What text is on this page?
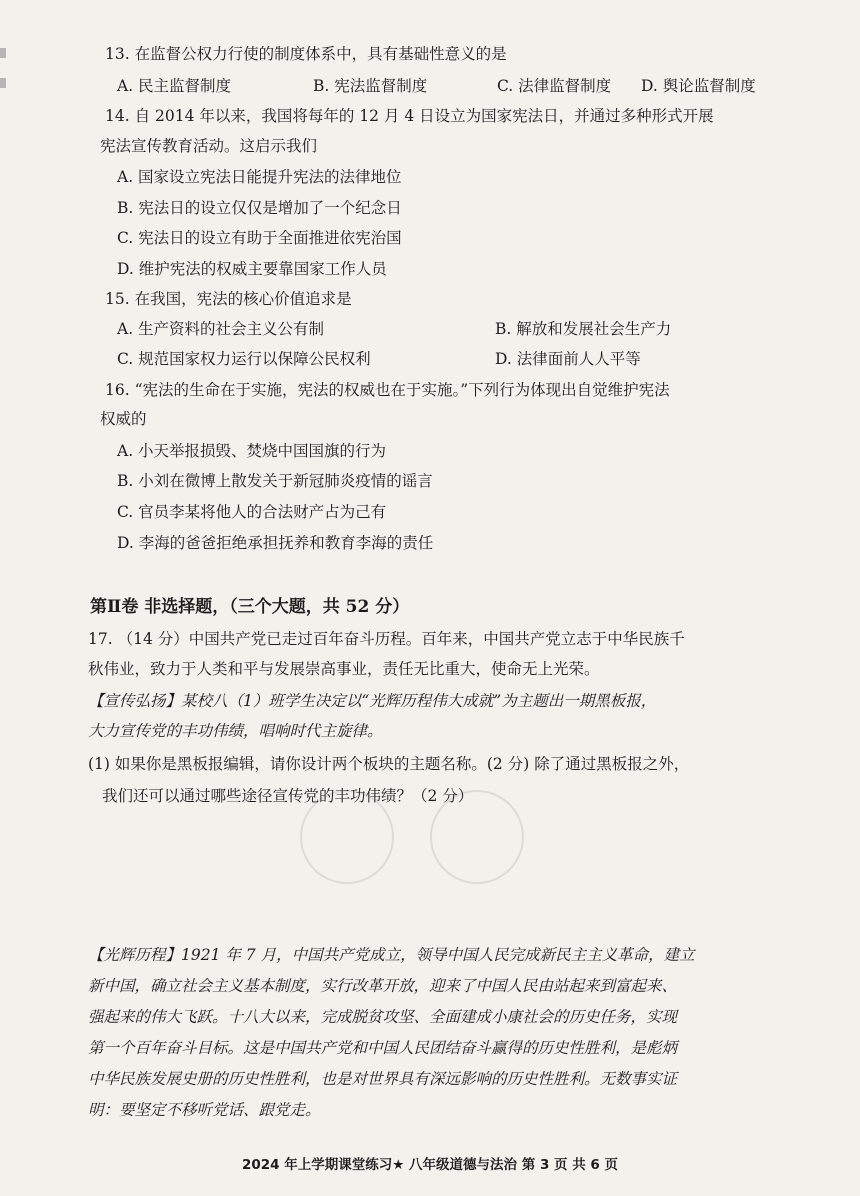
13. 在监督公权力行使的制度体系中，具有基础性意义的是
A. 民主监督制度	B. 宪法监督制度	C. 法律监督制度 D. 舆论监督制度
14. 自 2014 年以来，我国将每年的 12 月 4 日设立为国家宪法日，并通过多种形式开展
宪法宣传教育活动。这启示我们
A. 国家设立宪法日能提升宪法的法律地位
B. 宪法日的设立仅仅是增加了一个纪念日
C. 宪法日的设立有助于全面推进依宪治国
D. 维护宪法的权威主要靠国家工作人员
15. 在我国，宪法的核心价值追求是
A. 生产资料的社会主义公有制	B. 解放和发展社会生产力
C. 规范国家权力运行以保障公民权利	D. 法律面前人人平等
16. “宪法的生命在于实施，宪法的权威也在于实施。”下列行为体现出自觉维护宪法
权威的
A. 小天举报损毁、焚烧中国国旗的行为
B. 小刘在微博上散发关于新冠肺炎疫情的谣言
C. 官员李某将他人的合法财产占为己有
D. 李海的爸爸拒绝承担抚养和教育李海的责任
第Ⅱ卷 非选择题，（三个大题，共 52 分）
17. （14 分）中国共产党已走过百年奋斗历程。百年来，中国共产党立志于中华民族千
秋伟业，致力于人类和平与发展崇高事业，责任无比重大，使命无上光荣。
【宣传弘扬】某校八（1）班学生决定以“光辉历程伟大成就”为主题出一期黑板报，
大力宣传党的丰功伟绩，唱响时代主旋律。
(1) 如果你是黑板报编辑，请你设计两个板块的主题名称。(2 分) 除了通过黑板报之外，
我们还可以通过哪些途径宣传党的丰功伟绩？（2 分）
【光辉历程】1921 年 7 月，中国共产党成立，领导中国人民完成新民主主义革命，建立
新中国，确立社会主义基本制度，实行改革开放，迎来了中国人民由站起来到富起来、
强起来的伟大飞跃。十八大以来，完成脱贫攻坚、全面建成小康社会的历史任务，实现
第一个百年奋斗目标。这是中国共产党和中国人民团结奋斗赢得的历史性胜利，是彪炳
中华民族发展史册的历史性胜利，也是对世界具有深远影响的历史性胜利。无数事实证
明：要坚定不移听党话、跟党走。
2024 年上学期课堂练习★ 八年级道德与法治 第 3 页 共 6 页
